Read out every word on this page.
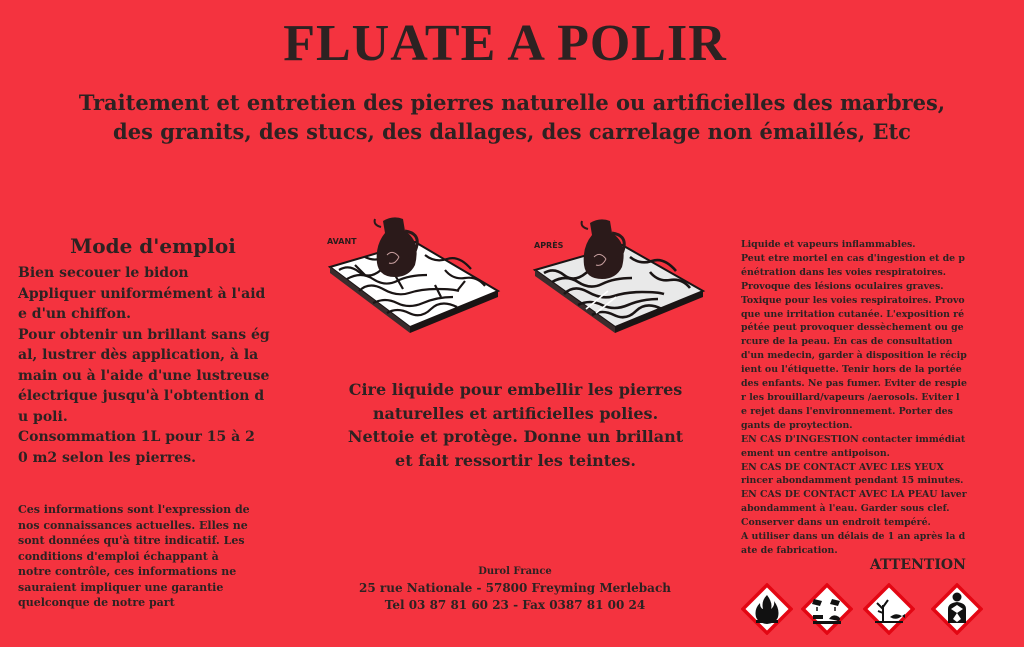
FLUATE A POLIR
Traitement et entretien des pierres naturelle ou artificielles des marbres,
des granits, des stucs, des dallages, des carrelage non émaillés, Etc
Mode d'emploi
Bien secouer le bidon
Appliquer uniformément à l'aid
e d'un chiffon.
Pour obtenir un brillant sans ég
al, lustrer dès application, à la
main ou à l'aide d'une lustreuse
électrique jusqu'à l'obtention d
u poli.
Consommation 1L pour 15 à 2
0 m2 selon les pierres.
Ces informations sont l'expression de
nos connaissances actuelles. Elles ne
sont données qu'à titre indicatif. Les
conditions d'emploi échappant à
notre contrôle, ces informations ne
sauraient impliquer une garantie
quelconque de notre part
AVANT	APRÈS
Cire liquide pour embellir les pierres
naturelles et artificielles polies.
Nettoie et protège. Donne un brillant
et fait ressortir les teintes.
Durol France
25 rue Nationale - 57800 Freyming Merlebach
Tel 03 87 81 60 23 - Fax 0387 81 00 24
Liquide et vapeurs inflammables.
Peut etre mortel en cas d'ingestion et de p
énétration dans les voies respiratoires.
Provoque des lésions oculaires graves.
Toxique pour les voies respiratoires. Provo
que une irritation cutanée. L'exposition ré
pétée peut provoquer dessèchement ou ge
rcure de la peau. En cas de consultation
d'un medecin, garder à disposition le récip
ient ou l'étiquette. Tenir hors de la portée
des enfants. Ne pas fumer. Eviter de respie
r les brouillard/vapeurs /aerosols. Eviter l
e rejet dans l'environnement. Porter des
gants de proytection.
EN CAS D'INGESTION contacter immédiat
ement un centre antipoison.
EN CAS DE CONTACT AVEC LES YEUX
rincer abondamment pendant 15 minutes.
EN CAS DE CONTACT AVEC LA PEAU laver
abondamment à l'eau. Garder sous clef.
Conserver dans un endroit tempéré.
A utiliser dans un délais de 1 an après la d
ate de fabrication.
ATTENTION
